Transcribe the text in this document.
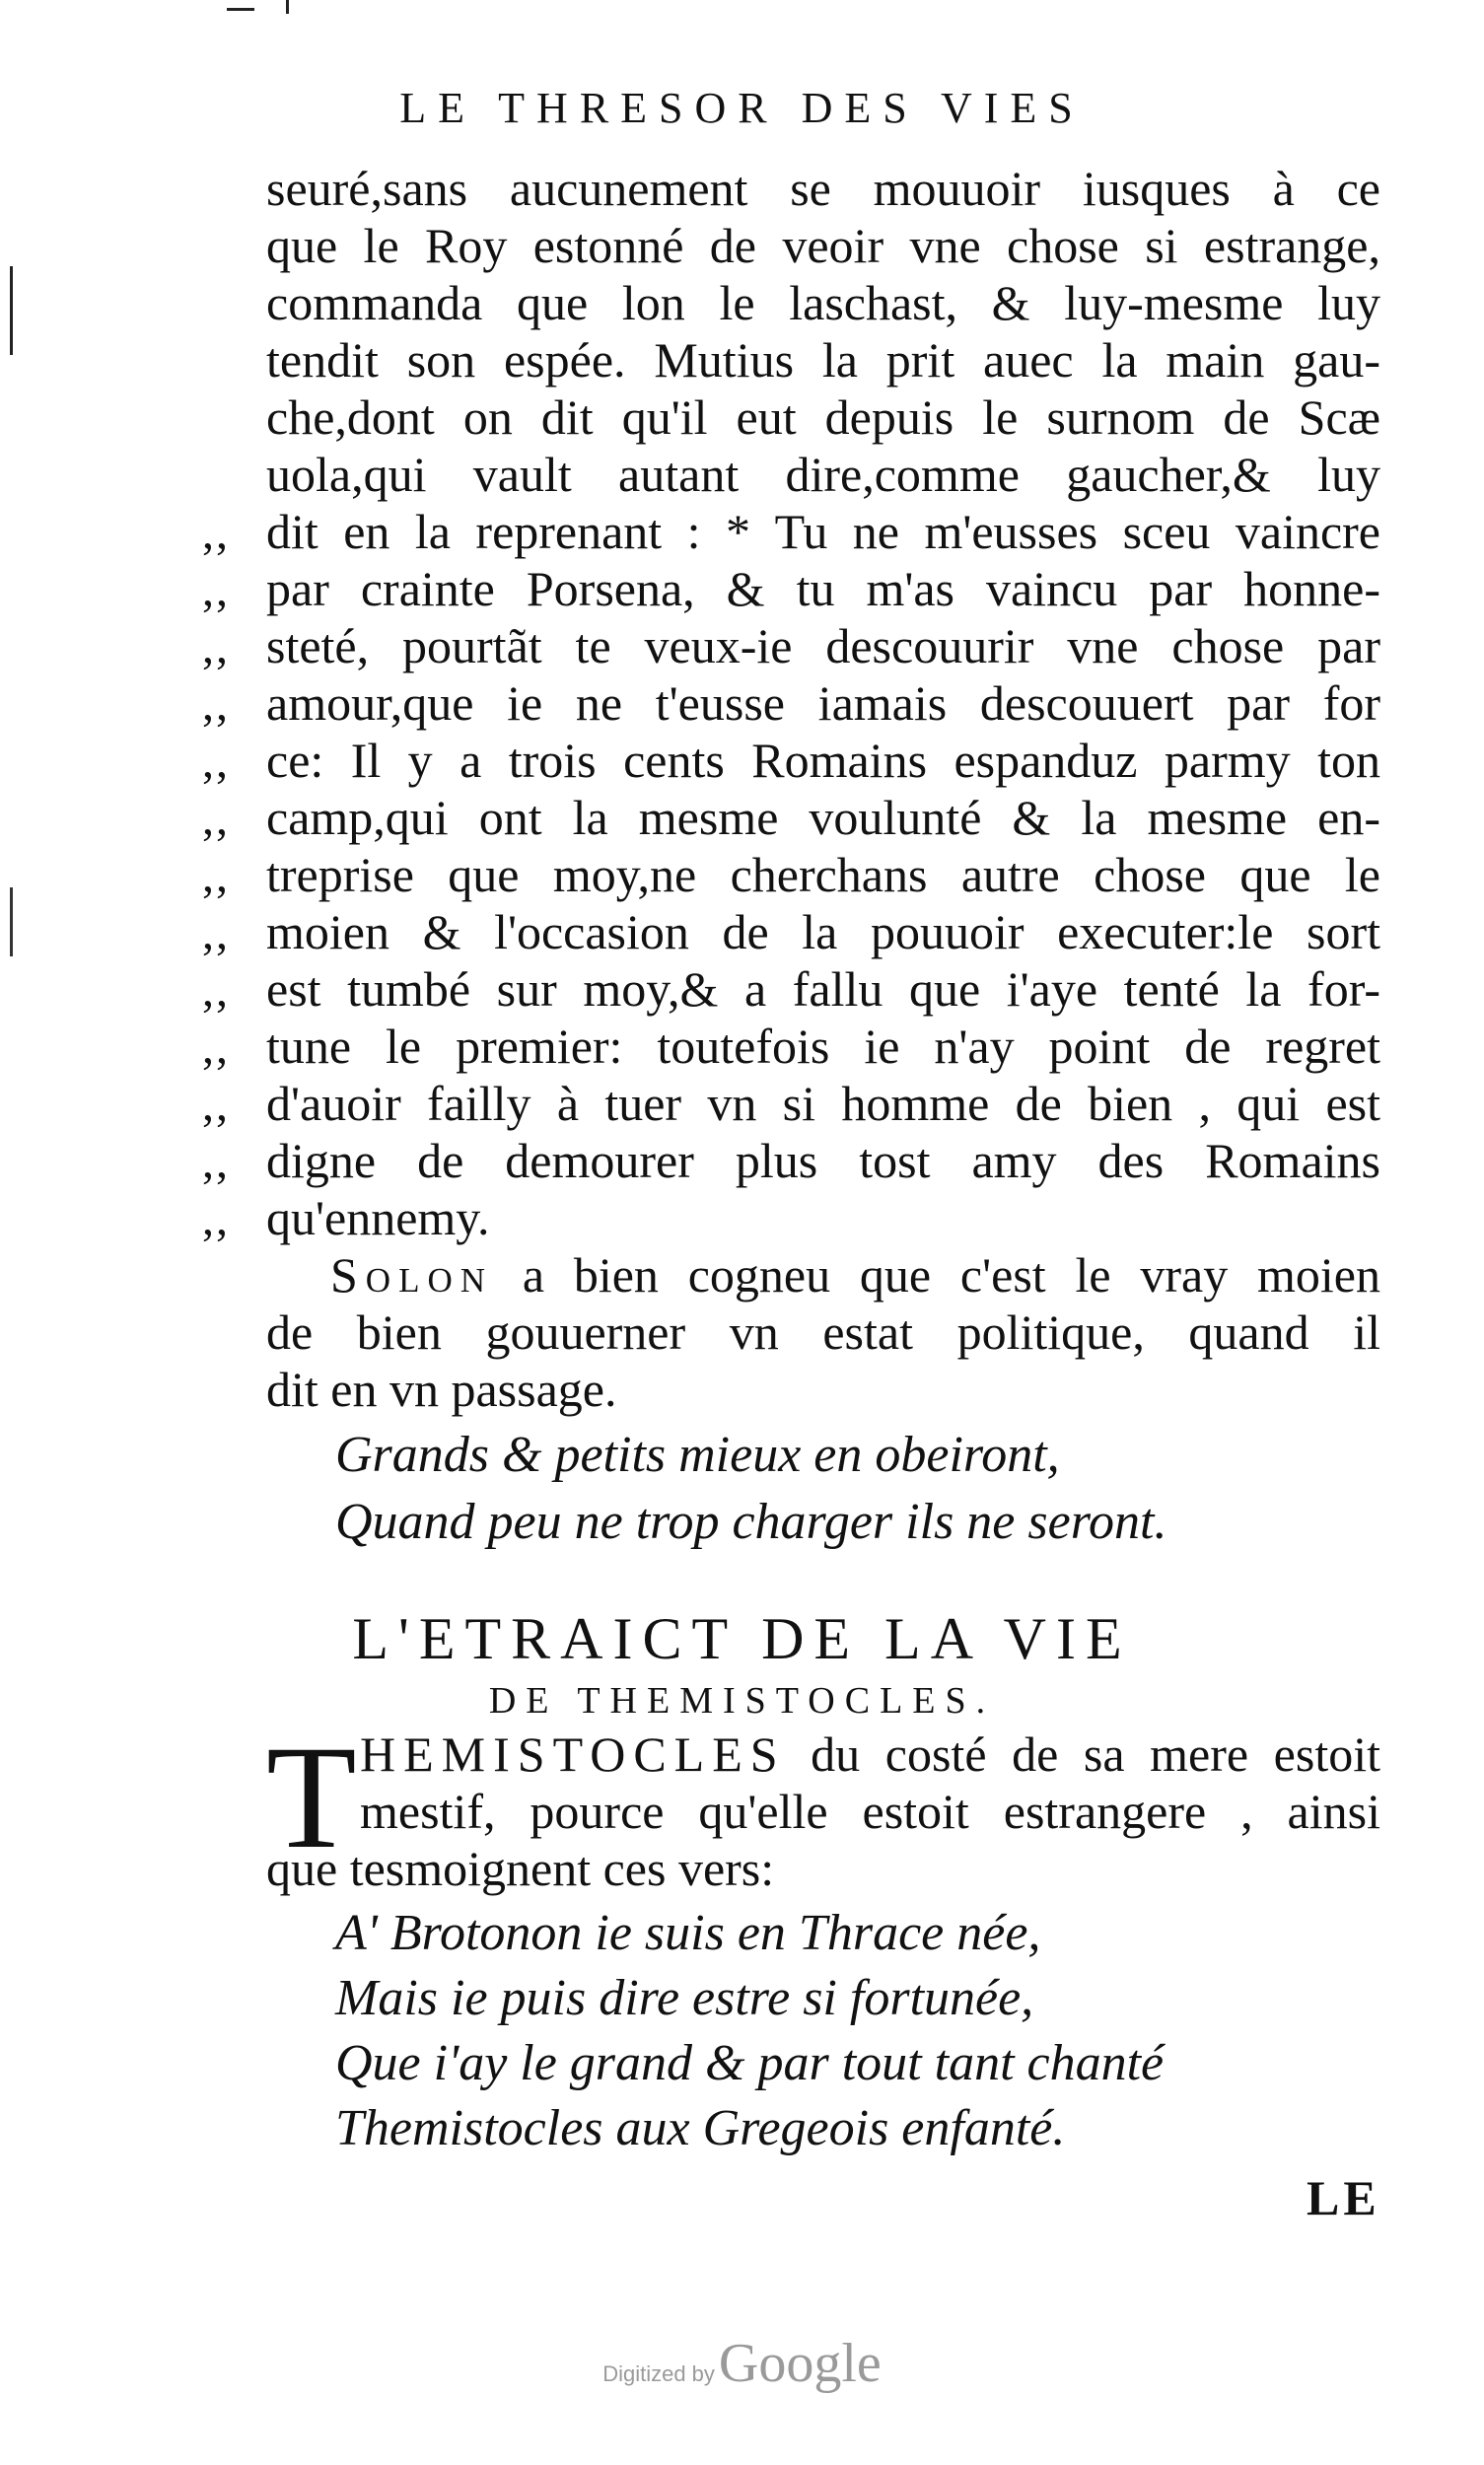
LE THRESOR DES VIES
seuré,sans aucunement se mouuoir iusques à ce
que le Roy estonné de veoir vne chose si estrange,
commanda que lon le laschast, & luy-mesme luy
tendit son espée. Mutius la prit auec la main gau-
che,dont on dit qu'il eut depuis le surnom de Scæ
uola,qui vault autant dire,comme gaucher,& luy
,, dit en la reprenant : * Tu ne m'eusses sceu vaincre
,, par crainte Porsena, & tu m'as vaincu par honne-
,, steté, pourtãt te veux-ie descouurir vne chose par
,, amour,que ie ne t'eusse iamais descouuert par for
,, ce: Il y a trois cents Romains espanduz parmy ton
,, camp,qui ont la mesme voulunté & la mesme en-
,, treprise que moy,ne cherchans autre chose que le
,, moien & l'occasion de la pouuoir executer:le sort
,, est tumbé sur moy,& a fallu que i'aye tenté la for-
,, tune le premier: toutefois ie n'ay point de regret
,, d'auoir failly à tuer vn si homme de bien , qui est
,, digne de demourer plus tost amy des Romains
,, qu'ennemy.
Solon a bien cogneu que c'est le vray moien
de bien gouuerner vn estat politique, quand il
dit en vn passage.
Grands & petits mieux en obeiront,
Quand peu ne trop charger ils ne seront.
L'ETRAICT DE LA VIE
DE THEMISTOCLES.
T HEMISTOCLES du costé de sa mere estoit
mestif, pource qu'elle estoit estrangere , ainsi
que tesmoignent ces vers:
A' Brotonon ie suis en Thrace née,
Mais ie puis dire estre si fortunée,
Que i'ay le grand & par tout tant chanté
Themistocles aux Gregeois enfanté.
LE
Digitized by Google
